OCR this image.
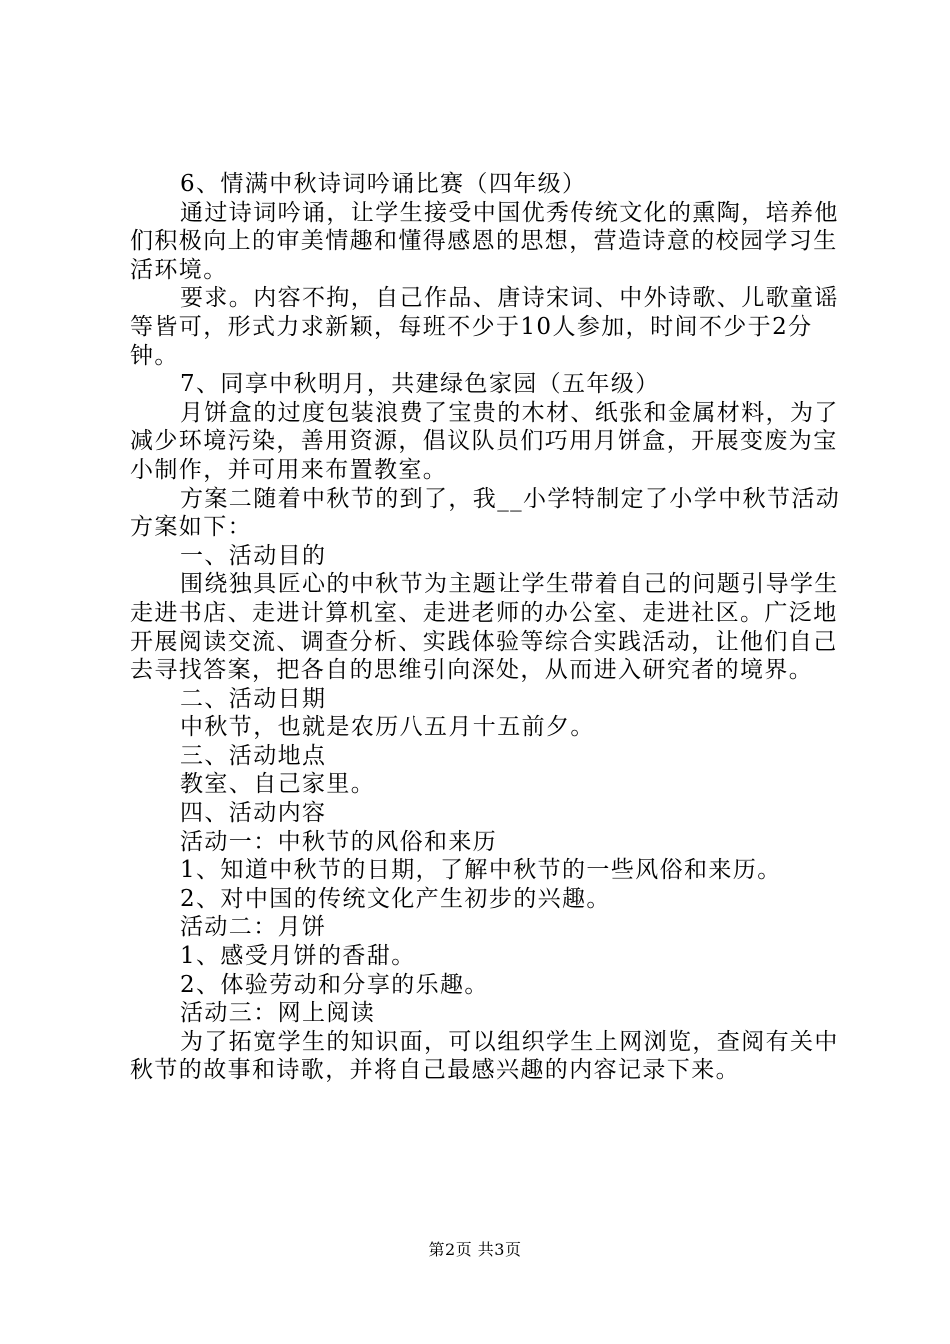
6、情满中秋诗词吟诵比赛（四年级）

通过诗词吟诵，让学生接受中国优秀传统文化的熏陶，培养他们积极向上的审美情趣和懂得感恩的思想，营造诗意的校园学习生活环境。

要求。内容不拘，自己作品、唐诗宋词、中外诗歌、儿歌童谣等皆可，形式力求新颖，每班不少于10人参加，时间不少于2分钟。

7、同享中秋明月，共建绿色家园（五年级）

月饼盒的过度包装浪费了宝贵的木材、纸张和金属材料，为了减少环境污染，善用资源，倡议队员们巧用月饼盒，开展变废为宝小制作，并可用来布置教室。

方案二随着中秋节的到了，我__小学特制定了小学中秋节活动方案如下：

一、活动目的

围绕独具匠心的中秋节为主题让学生带着自己的问题引导学生走进书店、走进计算机室、走进老师的办公室、走进社区。广泛地开展阅读交流、调查分析、实践体验等综合实践活动，让他们自己去寻找答案，把各自的思维引向深处，从而进入研究者的境界。

二、活动日期

中秋节，也就是农历八五月十五前夕。

三、活动地点

教室、自己家里。

四、活动内容

活动一：中秋节的风俗和来历

1、知道中秋节的日期，了解中秋节的一些风俗和来历。

2、对中国的传统文化产生初步的兴趣。

活动二：月饼

1、感受月饼的香甜。

2、体验劳动和分享的乐趣。

活动三：网上阅读

为了拓宽学生的知识面，可以组织学生上网浏览，查阅有关中秋节的故事和诗歌，并将自己最感兴趣的内容记录下来。

第2页 共3页
